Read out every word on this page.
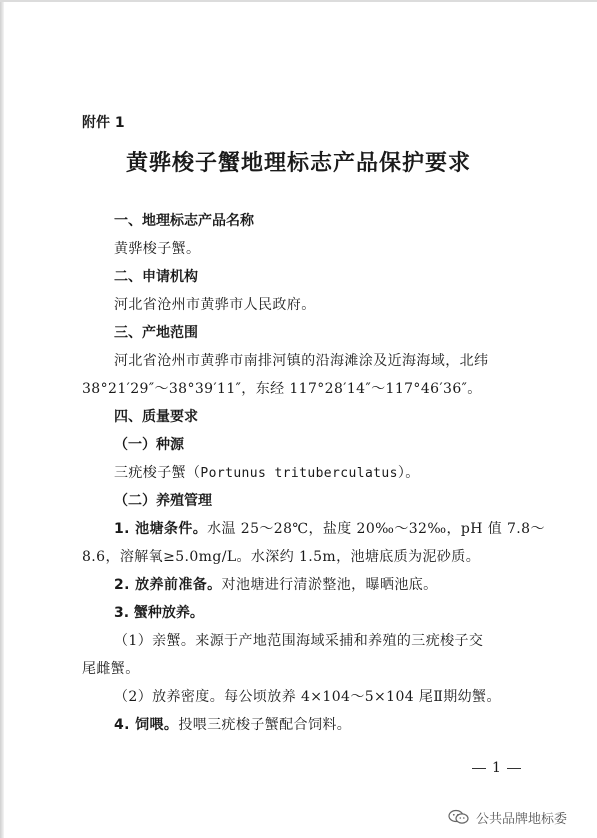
附件 1
黄骅梭子蟹地理标志产品保护要求
一、地理标志产品名称
黄骅梭子蟹。
二、申请机构
河北省沧州市黄骅市人民政府。
三、产地范围
河北省沧州市黄骅市南排河镇的沿海滩涂及近海海域，北纬
38°21′29″～38°39′11″，东经 117°28′14″～117°46′36″。
四、质量要求
（一）种源
三疣梭子蟹（Portunus trituberculatus）。
（二）养殖管理
1. 池塘条件。水温 25～28℃，盐度 20‰～32‰，pH 值 7.8～
8.6，溶解氧≥5.0mg/L。水深约 1.5m，池塘底质为泥砂质。
2. 放养前准备。对池塘进行清淤整池，曝晒池底。
3. 蟹种放养。
（1）亲蟹。来源于产地范围海域采捕和养殖的三疣梭子交
尾雌蟹。
（2）放养密度。每公顷放养 4×104～5×104 尾Ⅱ期幼蟹。
4. 饲喂。投喂三疣梭子蟹配合饲料。
1
公共品牌地标委
